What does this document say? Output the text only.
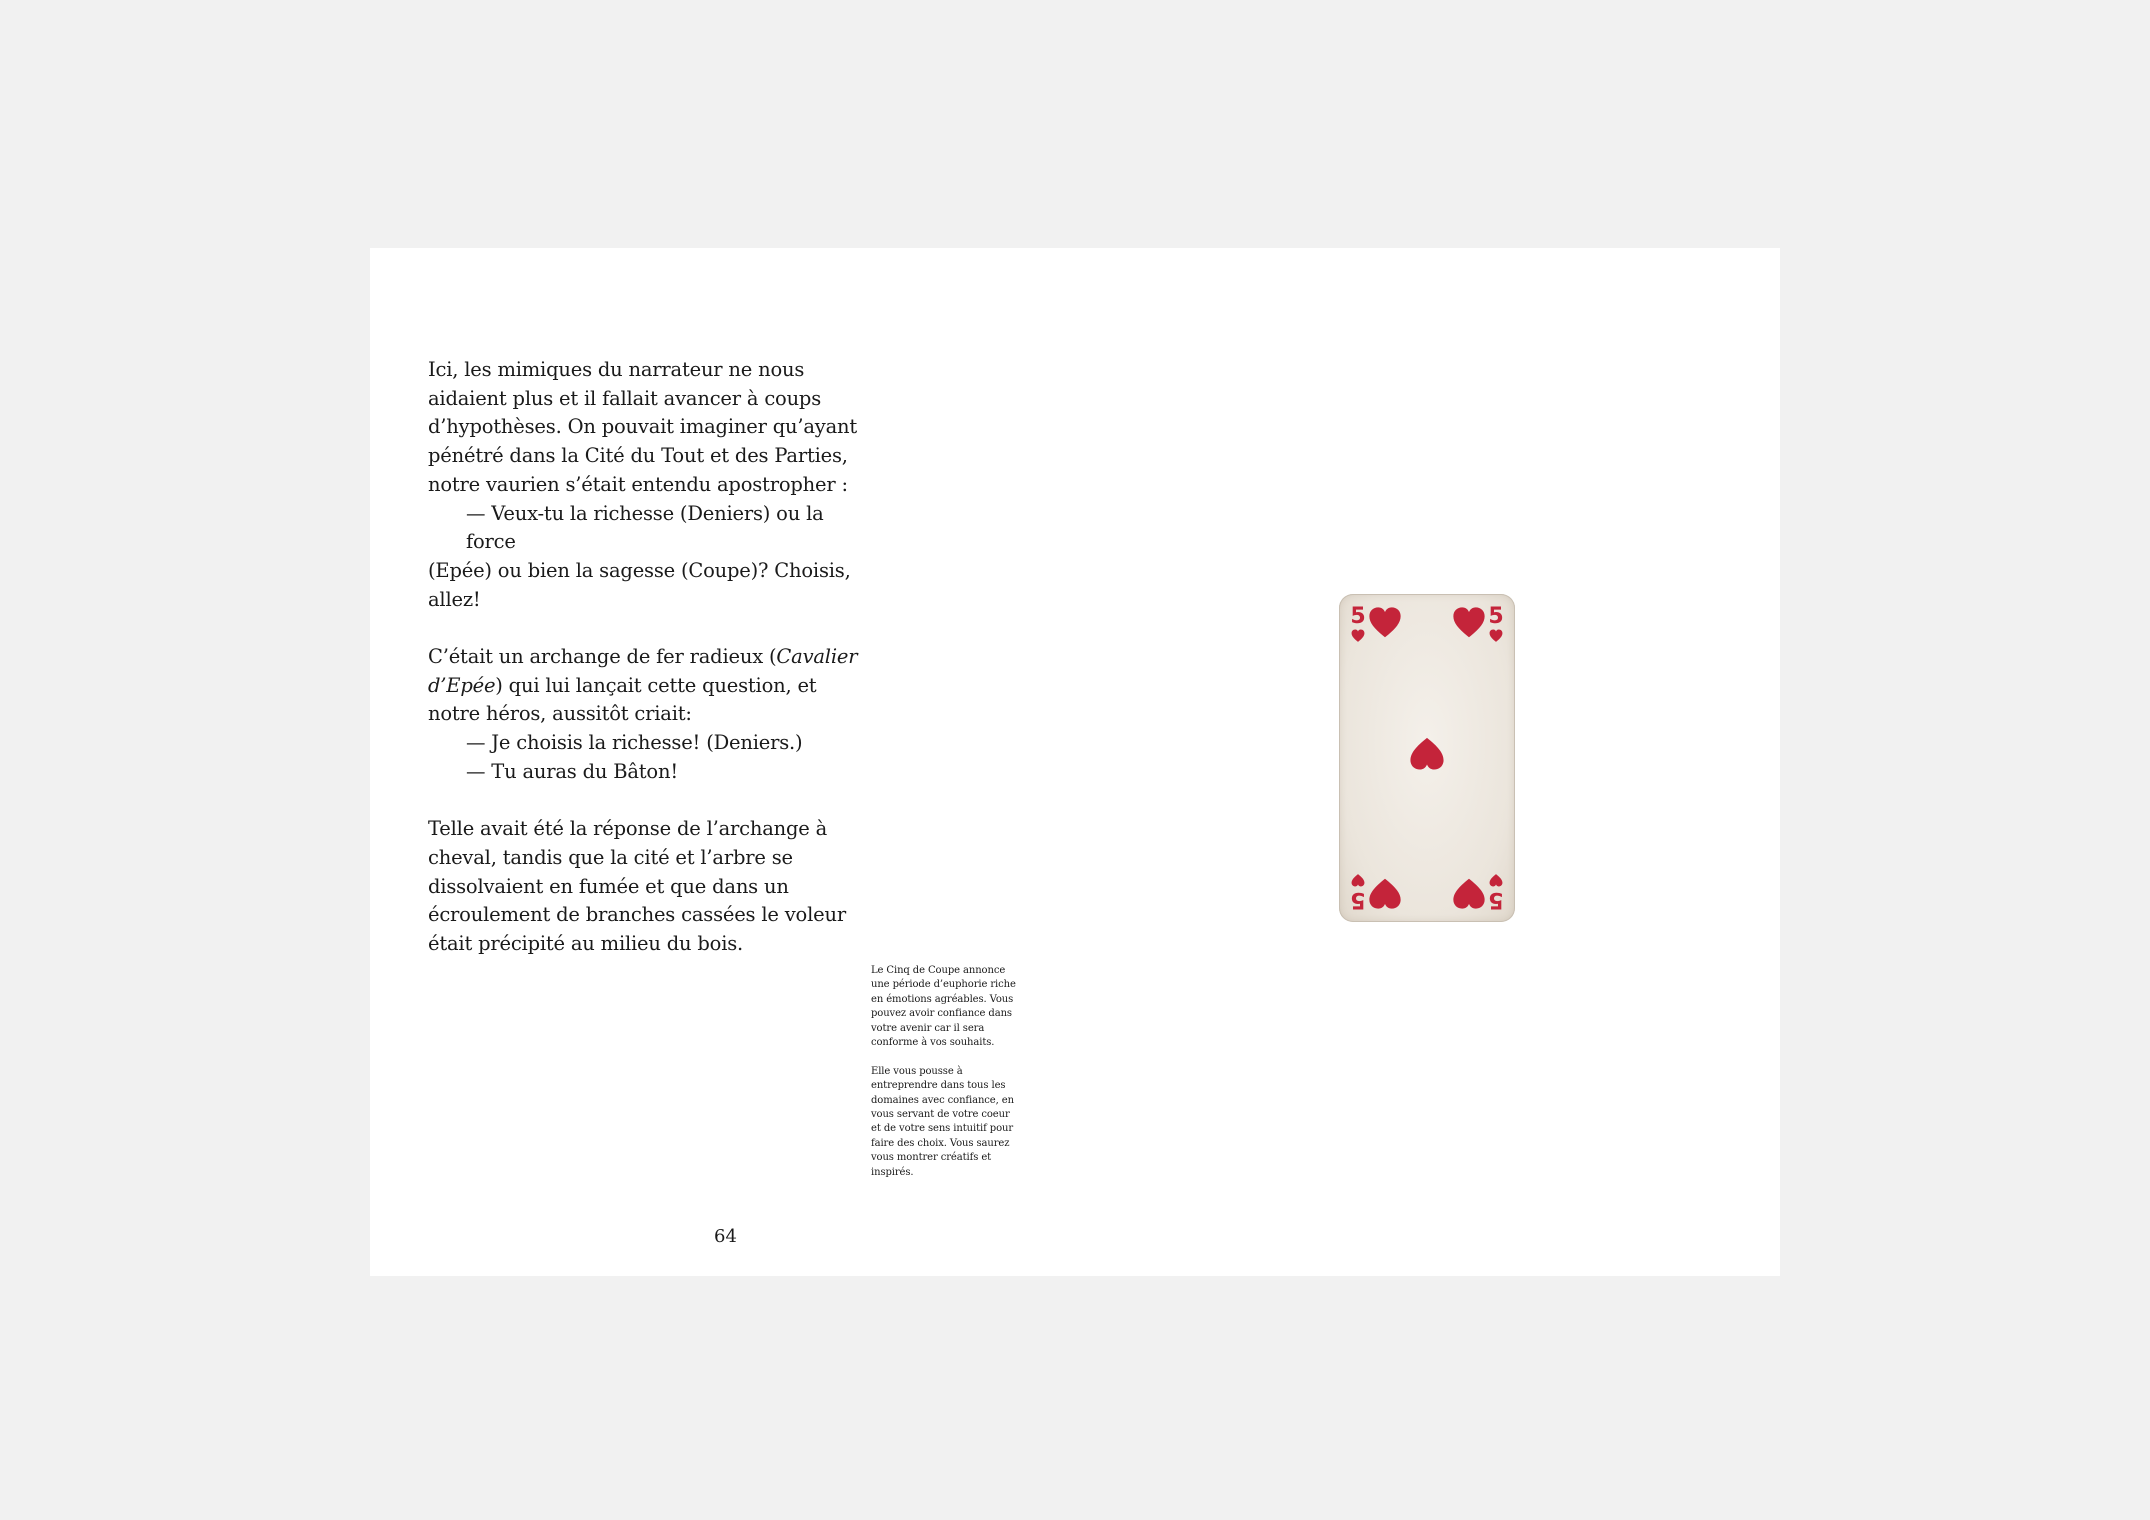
Ici, les mimiques du narrateur ne nous aidaient plus et il fallait avancer à coups d’hypothèses. On pouvait imaginer qu’ayant pénétré dans la Cité du Tout et des Parties, notre vaurien s’était entendu apostropher :

— Veux-tu la richesse (Deniers) ou la force

(Epée) ou bien la sagesse (Coupe)? Choisis, allez!

C’était un archange de fer radieux (Cavalier d’Epée) qui lui lançait cette question, et notre héros, aussitôt criait:

— Je choisis la richesse! (Deniers.)

— Tu auras du Bâton!

Telle avait été la réponse de l’archange à cheval, tandis que la cité et l’arbre se dissolvaient en fumée et que dans un écroulement de branches cassées le voleur était précipité au milieu du bois.

Le Cinq de Coupe annonce une période d’euphorie riche en émotions agréables. Vous pouvez avoir confiance dans votre avenir car il sera conforme à vos souhaits.

Elle vous pousse à entreprendre dans tous les domaines avec confiance, en vous servant de votre coeur et de votre sens intuitif pour faire des choix. Vous saurez vous montrer créatifs et inspirés.

64
5	5
5	5
